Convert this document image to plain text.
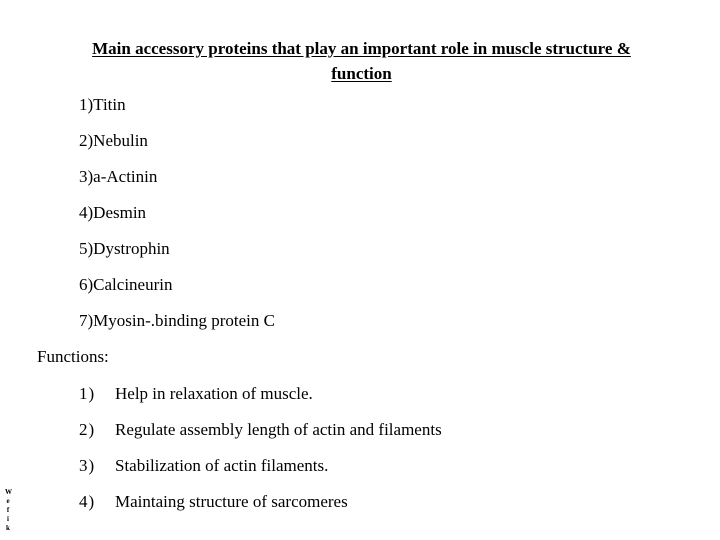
Main accessory proteins that play an important role in muscle structure &
function
1)Titin
2)Nebulin
3)a-Actinin
4)Desmin
5)Dystrophin
6)Calcineurin
7)Myosin-.binding protein C
Functions:
1) Help in relaxation of muscle.
2) Regulate assembly length of actin and filaments
3) Stabilization of actin filaments.
4) Maintaing structure of sarcomeres
W
e
f
i
k
